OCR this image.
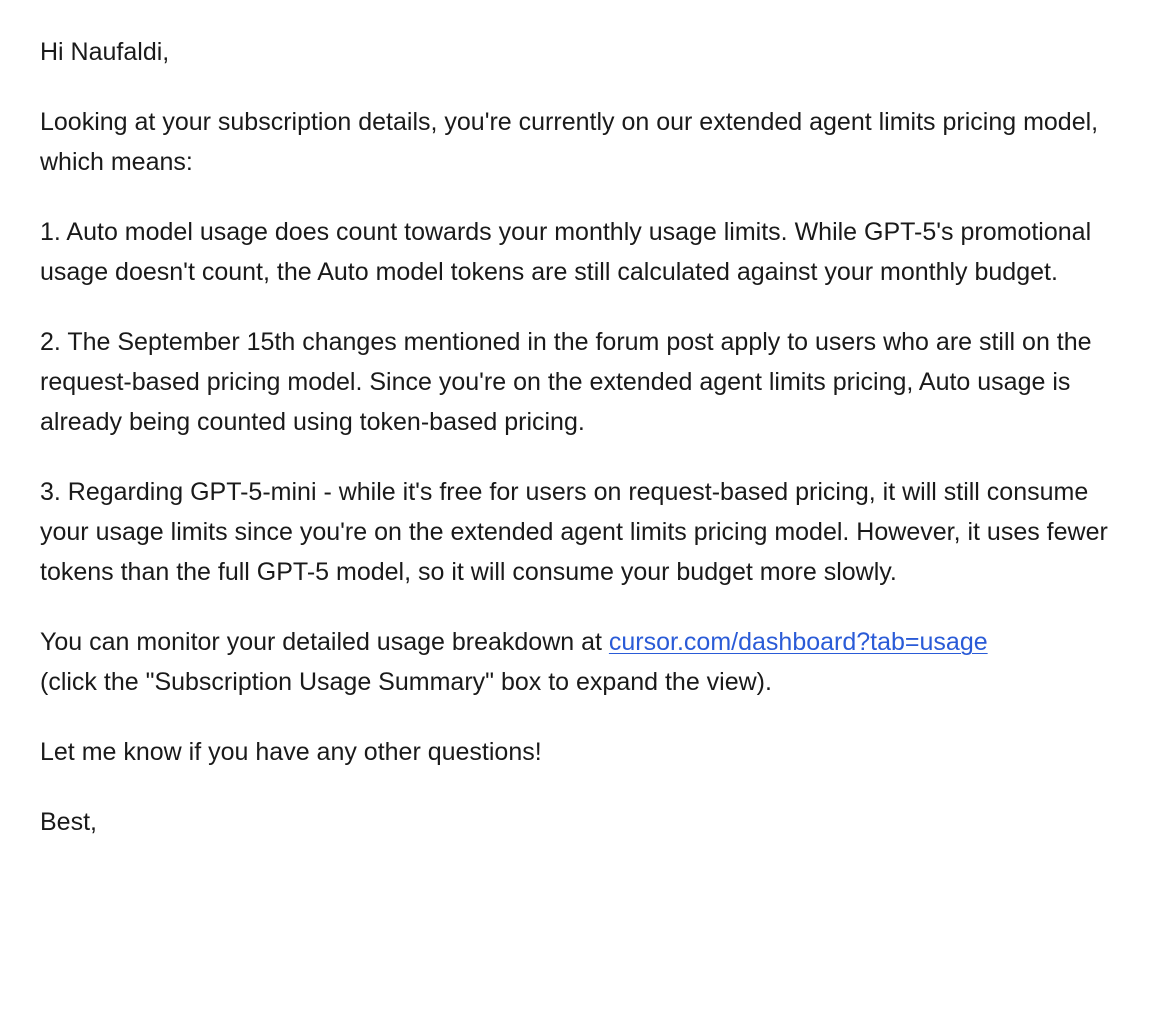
Hi Naufaldi,

Looking at your subscription details, you're currently on our extended agent limits pricing model, which means:

1. Auto model usage does count towards your monthly usage limits. While GPT-5's promotional usage doesn't count, the Auto model tokens are still calculated against your monthly budget.

2. The September 15th changes mentioned in the forum post apply to users who are still on the request-based pricing model. Since you're on the extended agent limits pricing, Auto usage is already being counted using token-based pricing.

3. Regarding GPT-5-mini - while it's free for users on request-based pricing, it will still consume your usage limits since you're on the extended agent limits pricing model. However, it uses fewer tokens than the full GPT-5 model, so it will consume your budget more slowly.

You can monitor your detailed usage breakdown at cursor.com/dashboard?tab=usage
(click the "Subscription Usage Summary" box to expand the view).

Let me know if you have any other questions!

Best,
